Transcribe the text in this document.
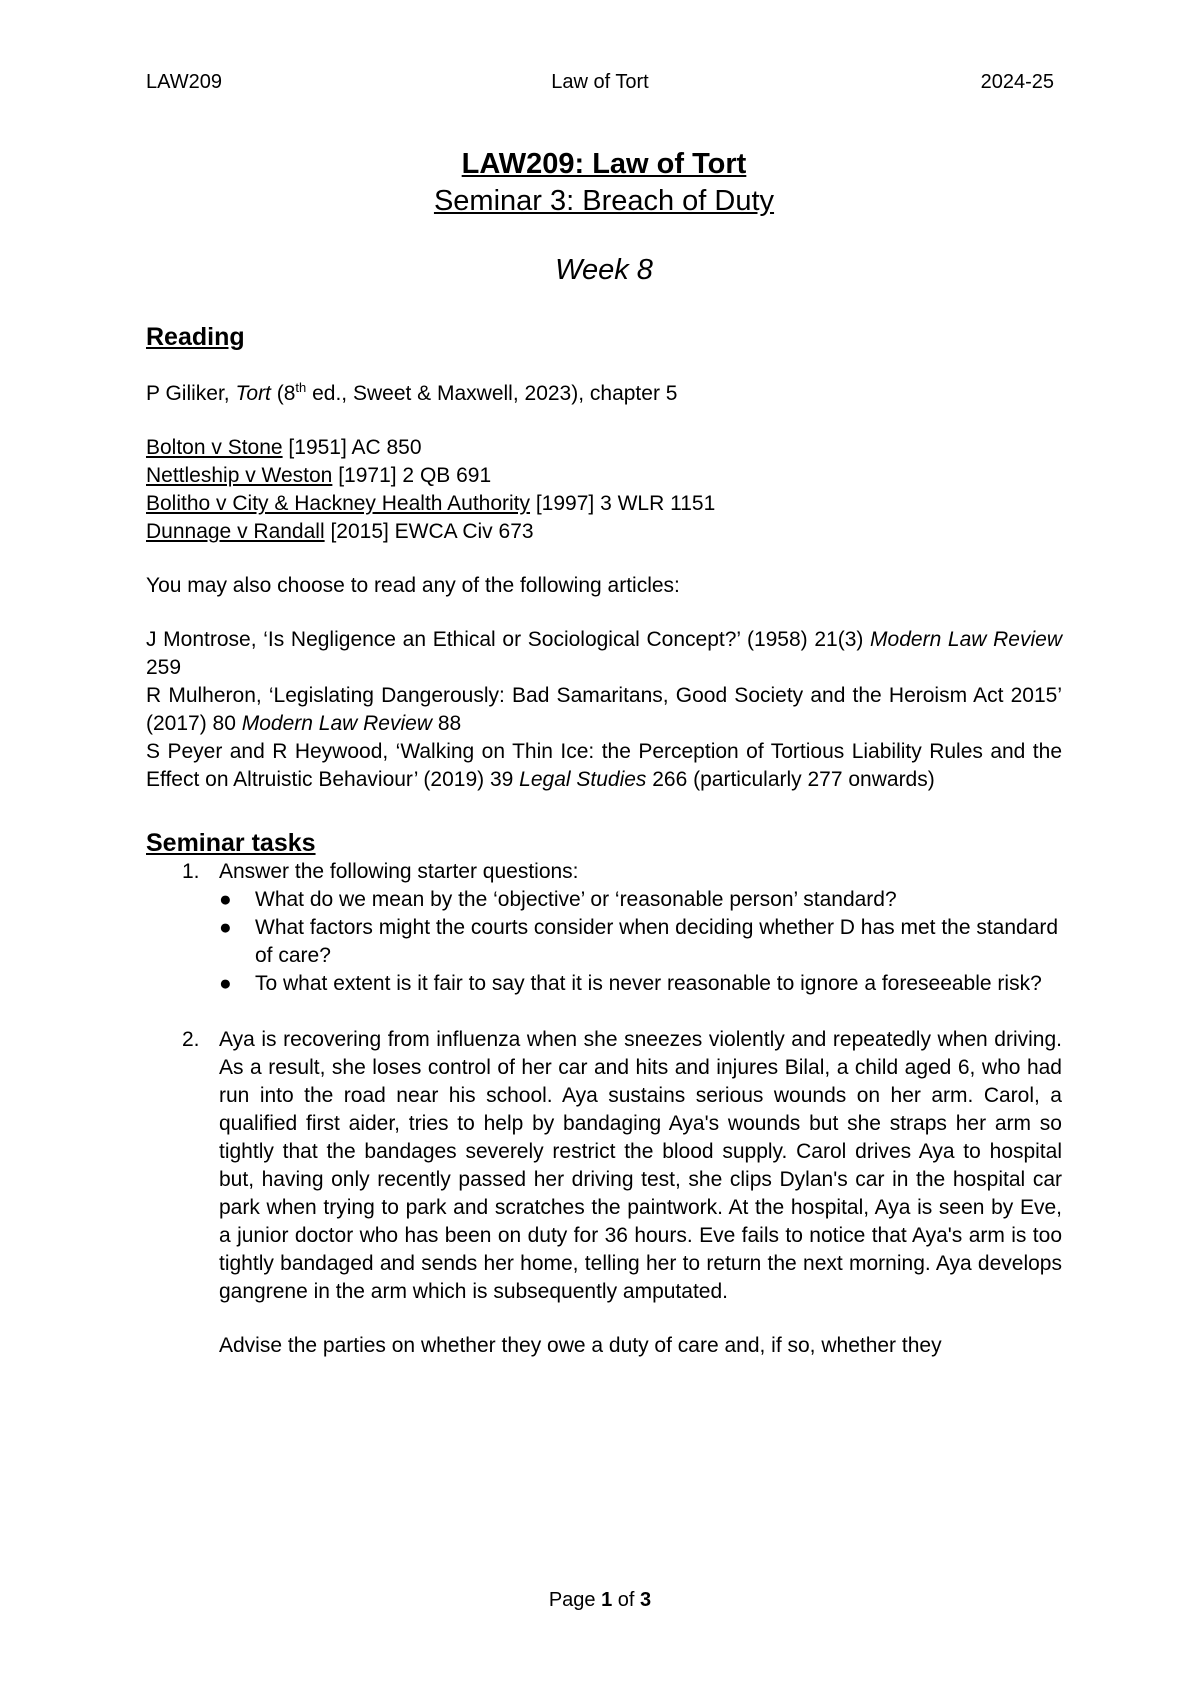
LAW209	Law of Tort	2024-25
LAW209: Law of Tort
Seminar 3: Breach of Duty
Week 8
Reading
P Giliker, Tort (8th ed., Sweet & Maxwell, 2023), chapter 5
Bolton v Stone [1951] AC 850
Nettleship v Weston [1971] 2 QB 691
Bolitho v City & Hackney Health Authority [1997] 3 WLR 1151
Dunnage v Randall [2015] EWCA Civ 673
You may also choose to read any of the following articles:
J Montrose, ‘Is Negligence an Ethical or Sociological Concept?’ (1958) 21(3) Modern Law Review 259
R Mulheron, ‘Legislating Dangerously: Bad Samaritans, Good Society and the Heroism Act 2015’ (2017) 80 Modern Law Review 88
S Peyer and R Heywood, ‘Walking on Thin Ice: the Perception of Tortious Liability Rules and the Effect on Altruistic Behaviour’ (2019) 39 Legal Studies 266 (particularly 277 onwards)
Seminar tasks
1. Answer the following starter questions:
● What do we mean by the ‘objective’ or ‘reasonable person’ standard?
● What factors might the courts consider when deciding whether D has met the standard of care?
● To what extent is it fair to say that it is never reasonable to ignore a foreseeable risk?
2. Aya is recovering from influenza when she sneezes violently and repeatedly when driving. As a result, she loses control of her car and hits and injures Bilal, a child aged 6, who had run into the road near his school. Aya sustains serious wounds on her arm. Carol, a qualified first aider, tries to help by bandaging Aya's wounds but she straps her arm so tightly that the bandages severely restrict the blood supply. Carol drives Aya to hospital but, having only recently passed her driving test, she clips Dylan's car in the hospital car park when trying to park and scratches the paintwork. At the hospital, Aya is seen by Eve, a junior doctor who has been on duty for 36 hours. Eve fails to notice that Aya's arm is too tightly bandaged and sends her home, telling her to return the next morning. Aya develops gangrene in the arm which is subsequently amputated.
Advise the parties on whether they owe a duty of care and, if so, whether they
Page 1 of 3
